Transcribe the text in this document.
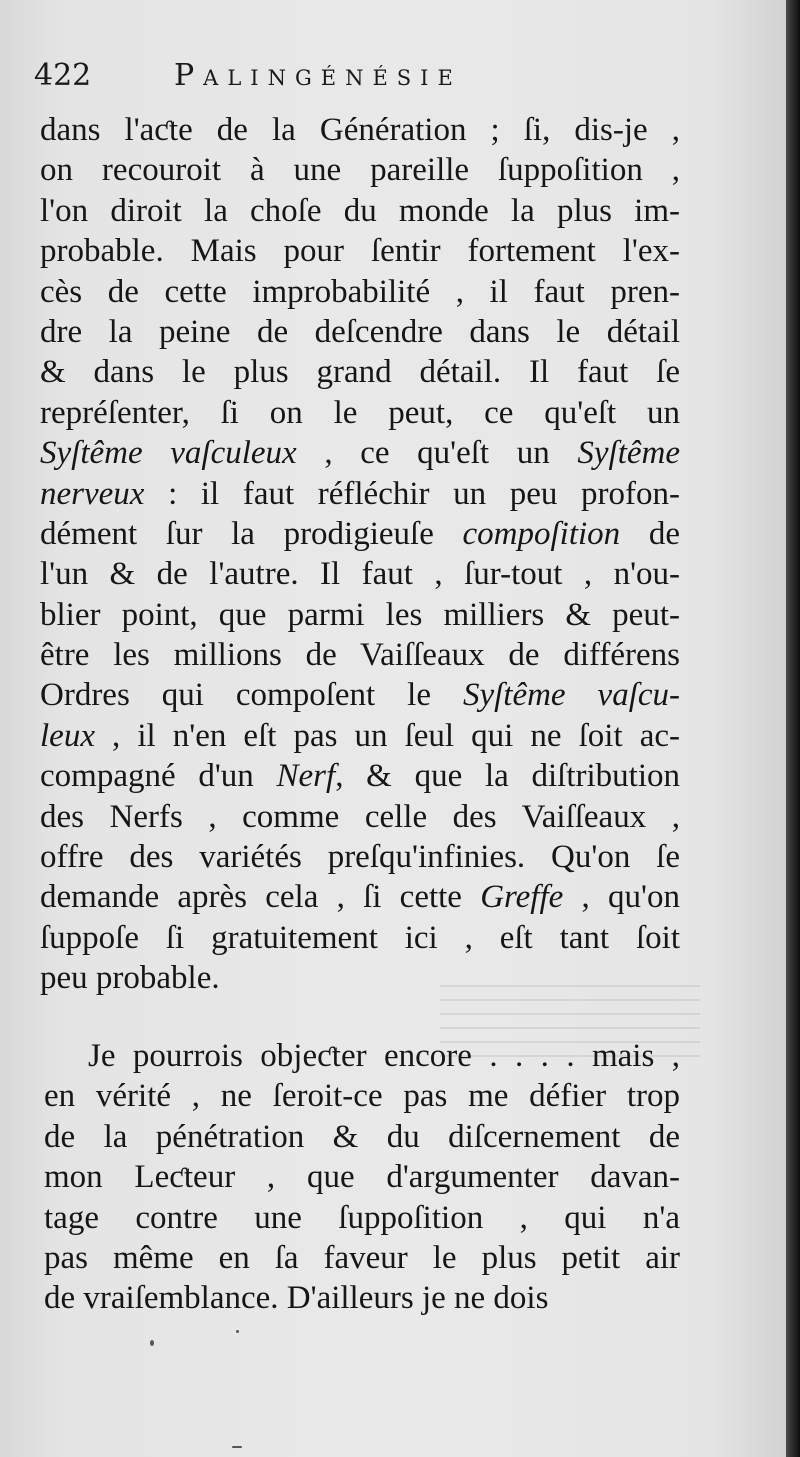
422	Palingénésie
dans l'aƈte de la Génération ; ſi, dis-je ,
on recouroit à une pareille ſuppoſition ,
l'on diroit la choſe du monde la plus im-
probable. Mais pour ſentir fortement l'ex-
cès de cette improbabilité , il faut pren-
dre la peine de deſcendre dans le détail
& dans le plus grand détail. Il faut ſe
repréſenter, ſi on le peut, ce qu'eſt un
Syſtême vaſculeux , ce qu'eſt un Syſtême
nerveux : il faut réfléchir un peu profon-
dément ſur la prodigieuſe compoſition de
l'un & de l'autre. Il faut , ſur-tout , n'ou-
blier point, que parmi les milliers & peut-
être les millions de Vaiſſeaux de différens
Ordres qui compoſent le Syſtême vaſcu-
leux , il n'en eſt pas un ſeul qui ne ſoit ac-
compagné d'un Nerf, & que la diſtribution
des Nerfs , comme celle des Vaiſſeaux ,
offre des variétés preſqu'infinies. Qu'on ſe
demande après cela , ſi cette Greffe , qu'on
ſuppoſe ſi gratuitement ici , eſt tant ſoit
peu probable.
Je pourrois objeƈter encore . . . . mais ,
en vérité , ne ſeroit-ce pas me défier trop
de la pénétration & du diſcernement de
mon Leƈteur , que d'argumenter davan-
tage contre une ſuppoſition , qui n'a
pas même en ſa faveur le plus petit air
de vraiſemblance. D'ailleurs je ne dois
